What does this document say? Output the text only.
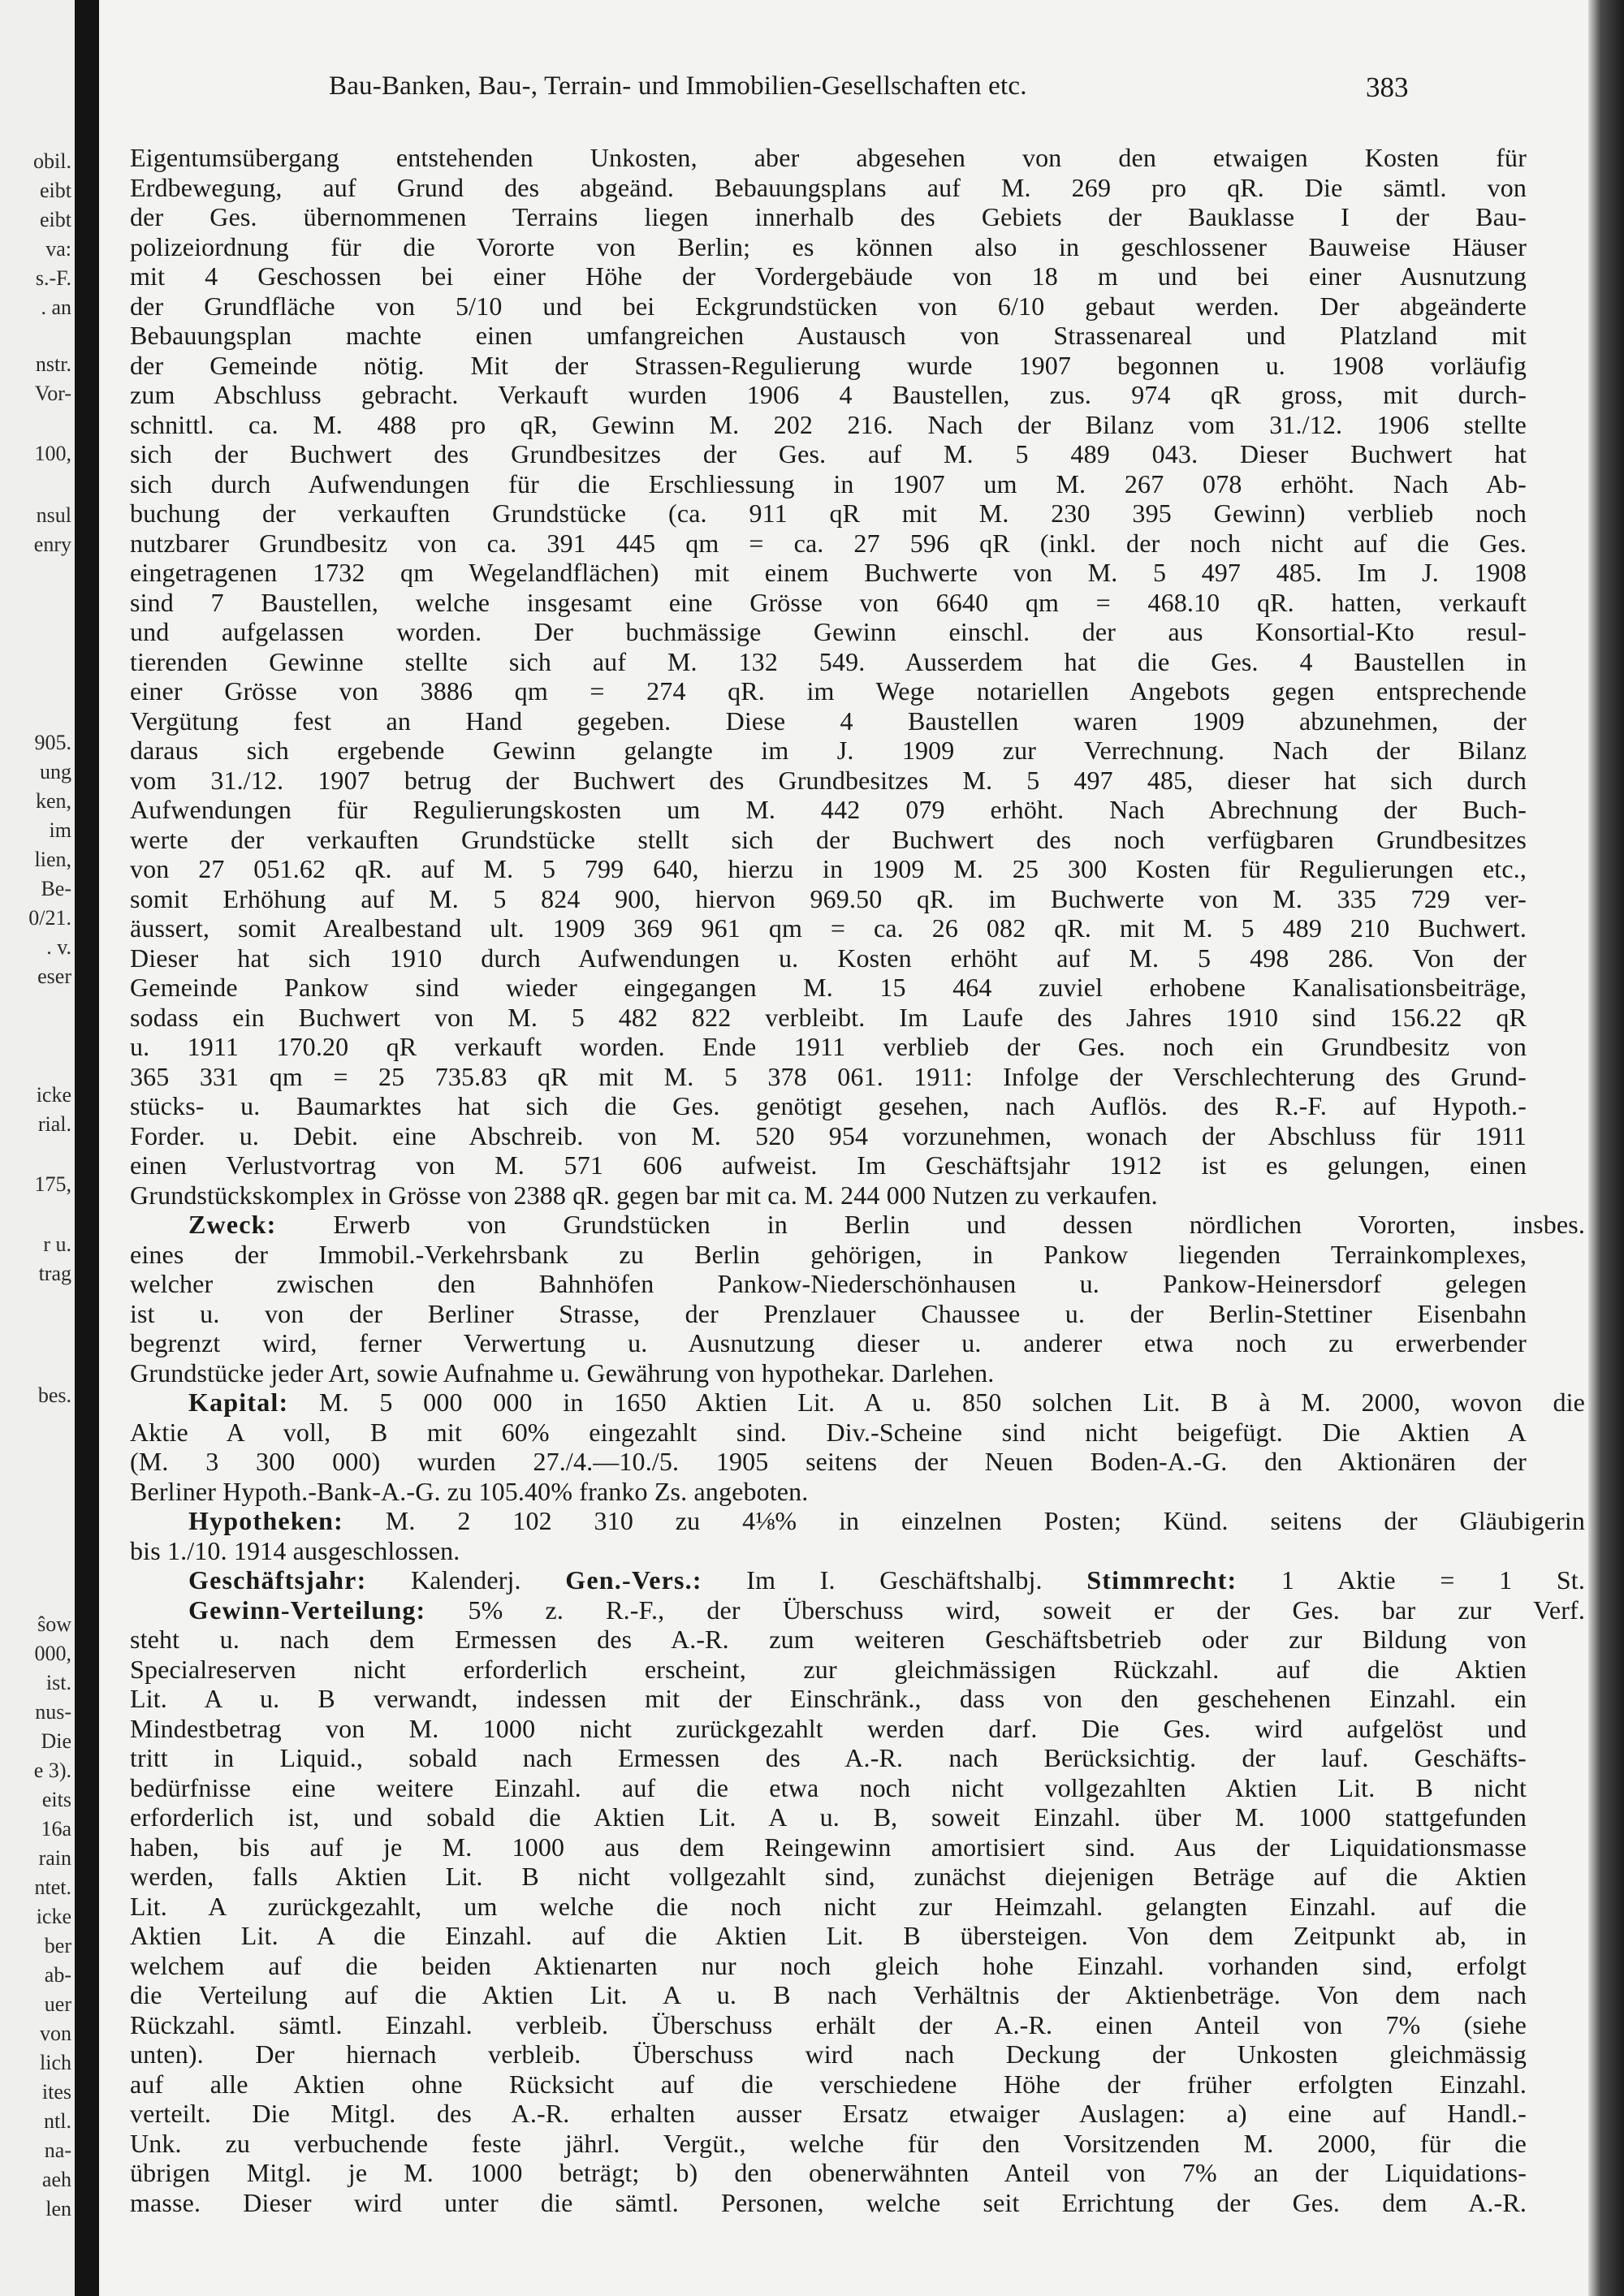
obil.
eibt
eibt
va:
s.-F.
. an
nstr.
Vor-
100,
nsul
enry
905.
ung
ken,
im
lien,
Be-
0/21.
. v.
eser
icke
rial.
175,
r u.
trag
bes.
ŝow
000,
ist.
nus-
Die
e 3).
eits
16a
rain
ntet.
icke
ber
ab-
uer
von
lich
ites
ntl.
na-
aeh
len
Bau-Banken, Bau-, Terrain- und Immobilien-Gesellschaften etc.	383
Eigentumsübergang entstehenden Unkosten, aber abgesehen von den etwaigen Kosten für
Erdbewegung, auf Grund des abgeänd. Bebauungsplans auf M. 269 pro qR. Die sämtl. von
der Ges. übernommenen Terrains liegen innerhalb des Gebiets der Bauklasse I der Bau-
polizeiordnung für die Vororte von Berlin; es können also in geschlossener Bauweise Häuser
mit 4 Geschossen bei einer Höhe der Vordergebäude von 18 m und bei einer Ausnutzung
der Grundfläche von 5/10 und bei Eckgrundstücken von 6/10 gebaut werden. Der abgeänderte
Bebauungsplan machte einen umfangreichen Austausch von Strassenareal und Platzland mit
der Gemeinde nötig. Mit der Strassen-Regulierung wurde 1907 begonnen u. 1908 vorläufig
zum Abschluss gebracht. Verkauft wurden 1906 4 Baustellen, zus. 974 qR gross, mit durch-
schnittl. ca. M. 488 pro qR, Gewinn M. 202 216. Nach der Bilanz vom 31./12. 1906 stellte
sich der Buchwert des Grundbesitzes der Ges. auf M. 5 489 043. Dieser Buchwert hat
sich durch Aufwendungen für die Erschliessung in 1907 um M. 267 078 erhöht. Nach Ab-
buchung der verkauften Grundstücke (ca. 911 qR mit M. 230 395 Gewinn) verblieb noch
nutzbarer Grundbesitz von ca. 391 445 qm = ca. 27 596 qR (inkl. der noch nicht auf die Ges.
eingetragenen 1732 qm Wegelandflächen) mit einem Buchwerte von M. 5 497 485. Im J. 1908
sind 7 Baustellen, welche insgesamt eine Grösse von 6640 qm = 468.10 qR. hatten, verkauft
und aufgelassen worden. Der buchmässige Gewinn einschl. der aus Konsortial-Kto resul-
tierenden Gewinne stellte sich auf M. 132 549. Ausserdem hat die Ges. 4 Baustellen in
einer Grösse von 3886 qm = 274 qR. im Wege notariellen Angebots gegen entsprechende
Vergütung fest an Hand gegeben. Diese 4 Baustellen waren 1909 abzunehmen, der
daraus sich ergebende Gewinn gelangte im J. 1909 zur Verrechnung. Nach der Bilanz
vom 31./12. 1907 betrug der Buchwert des Grundbesitzes M. 5 497 485, dieser hat sich durch
Aufwendungen für Regulierungskosten um M. 442 079 erhöht. Nach Abrechnung der Buch-
werte der verkauften Grundstücke stellt sich der Buchwert des noch verfügbaren Grundbesitzes
von 27 051.62 qR. auf M. 5 799 640, hierzu in 1909 M. 25 300 Kosten für Regulierungen etc.,
somit Erhöhung auf M. 5 824 900, hiervon 969.50 qR. im Buchwerte von M. 335 729 ver-
äussert, somit Arealbestand ult. 1909 369 961 qm = ca. 26 082 qR. mit M. 5 489 210 Buchwert.
Dieser hat sich 1910 durch Aufwendungen u. Kosten erhöht auf M. 5 498 286. Von der
Gemeinde Pankow sind wieder eingegangen M. 15 464 zuviel erhobene Kanalisationsbeiträge,
sodass ein Buchwert von M. 5 482 822 verbleibt. Im Laufe des Jahres 1910 sind 156.22 qR
u. 1911 170.20 qR verkauft worden. Ende 1911 verblieb der Ges. noch ein Grundbesitz von
365 331 qm = 25 735.83 qR mit M. 5 378 061. 1911: Infolge der Verschlechterung des Grund-
stücks- u. Baumarktes hat sich die Ges. genötigt gesehen, nach Auflös. des R.-F. auf Hypoth.-
Forder. u. Debit. eine Abschreib. von M. 520 954 vorzunehmen, wonach der Abschluss für 1911
einen Verlustvortrag von M. 571 606 aufweist. Im Geschäftsjahr 1912 ist es gelungen, einen
Grundstückskomplex in Grösse von 2388 qR. gegen bar mit ca. M. 244 000 Nutzen zu verkaufen.
Zweck: Erwerb von Grundstücken in Berlin und dessen nördlichen Vororten, insbes.
eines der Immobil.-Verkehrsbank zu Berlin gehörigen, in Pankow liegenden Terrainkomplexes,
welcher zwischen den Bahnhöfen Pankow-Niederschönhausen u. Pankow-Heinersdorf gelegen
ist u. von der Berliner Strasse, der Prenzlauer Chaussee u. der Berlin-Stettiner Eisenbahn
begrenzt wird, ferner Verwertung u. Ausnutzung dieser u. anderer etwa noch zu erwerbender
Grundstücke jeder Art, sowie Aufnahme u. Gewährung von hypothekar. Darlehen.
Kapital: M. 5 000 000 in 1650 Aktien Lit. A u. 850 solchen Lit. B à M. 2000, wovon die
Aktie A voll, B mit 60% eingezahlt sind. Div.-Scheine sind nicht beigefügt. Die Aktien A
(M. 3 300 000) wurden 27./4.—10./5. 1905 seitens der Neuen Boden-A.-G. den Aktionären der
Berliner Hypoth.-Bank-A.-G. zu 105.40% franko Zs. angeboten.
Hypotheken: M. 2 102 310 zu 4⅛% in einzelnen Posten; Künd. seitens der Gläubigerin
bis 1./10. 1914 ausgeschlossen.
Geschäftsjahr: Kalenderj. Gen.-Vers.: Im I. Geschäftshalbj. Stimmrecht: 1 Aktie = 1 St.
Gewinn-Verteilung: 5% z. R.-F., der Überschuss wird, soweit er der Ges. bar zur Verf.
steht u. nach dem Ermessen des A.-R. zum weiteren Geschäftsbetrieb oder zur Bildung von
Specialreserven nicht erforderlich erscheint, zur gleichmässigen Rückzahl. auf die Aktien
Lit. A u. B verwandt, indessen mit der Einschränk., dass von den geschehenen Einzahl. ein
Mindestbetrag von M. 1000 nicht zurückgezahlt werden darf. Die Ges. wird aufgelöst und
tritt in Liquid., sobald nach Ermessen des A.-R. nach Berücksichtig. der lauf. Geschäfts-
bedürfnisse eine weitere Einzahl. auf die etwa noch nicht vollgezahlten Aktien Lit. B nicht
erforderlich ist, und sobald die Aktien Lit. A u. B, soweit Einzahl. über M. 1000 stattgefunden
haben, bis auf je M. 1000 aus dem Reingewinn amortisiert sind. Aus der Liquidationsmasse
werden, falls Aktien Lit. B nicht vollgezahlt sind, zunächst diejenigen Beträge auf die Aktien
Lit. A zurückgezahlt, um welche die noch nicht zur Heimzahl. gelangten Einzahl. auf die
Aktien Lit. A die Einzahl. auf die Aktien Lit. B übersteigen. Von dem Zeitpunkt ab, in
welchem auf die beiden Aktienarten nur noch gleich hohe Einzahl. vorhanden sind, erfolgt
die Verteilung auf die Aktien Lit. A u. B nach Verhältnis der Aktienbeträge. Von dem nach
Rückzahl. sämtl. Einzahl. verbleib. Überschuss erhält der A.-R. einen Anteil von 7% (siehe
unten). Der hiernach verbleib. Überschuss wird nach Deckung der Unkosten gleichmässig
auf alle Aktien ohne Rücksicht auf die verschiedene Höhe der früher erfolgten Einzahl.
verteilt. Die Mitgl. des A.-R. erhalten ausser Ersatz etwaiger Auslagen: a) eine auf Handl.-
Unk. zu verbuchende feste jährl. Vergüt., welche für den Vorsitzenden M. 2000, für die
übrigen Mitgl. je M. 1000 beträgt; b) den obenerwähnten Anteil von 7% an der Liquidations-
masse. Dieser wird unter die sämtl. Personen, welche seit Errichtung der Ges. dem A.-R.
